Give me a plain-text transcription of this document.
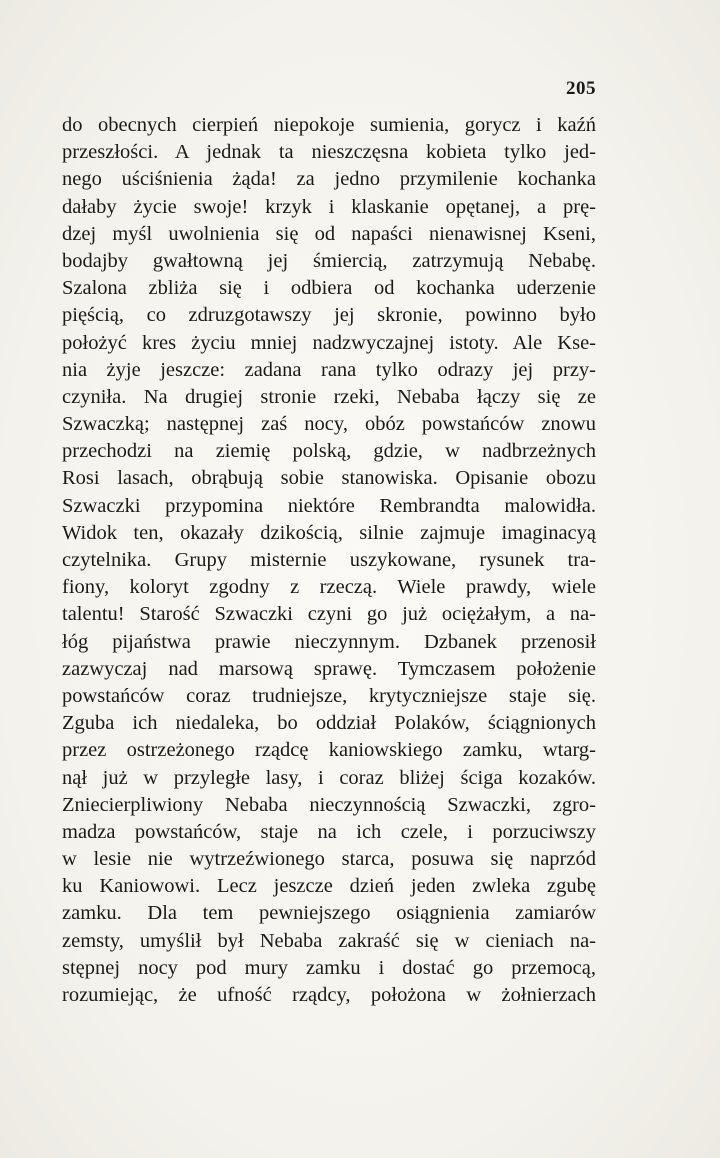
205
do obecnych cierpień niepokoje sumienia, gorycz i kaźń
przeszłości. A jednak ta nieszczęsna kobieta tylko jed-
nego uściśnienia żąda! za jedno przymilenie kochanka
dałaby życie swoje! krzyk i klaskanie opętanej, a prę-
dzej myśl uwolnienia się od napaści nienawisnej Kseni,
bodajby gwałtowną jej śmiercią, zatrzymują Nebabę.
Szalona zbliża się i odbiera od kochanka uderzenie
pięścią, co zdruzgotawszy jej skronie, powinno było
położyć kres życiu mniej nadzwyczajnej istoty. Ale Kse-
nia żyje jeszcze: zadana rana tylko odrazy jej przy-
czyniła. Na drugiej stronie rzeki, Nebaba łączy się ze
Szwaczką; następnej zaś nocy, obóz powstańców znowu
przechodzi na ziemię polską, gdzie, w nadbrzeżnych
Rosi lasach, obrąbują sobie stanowiska. Opisanie obozu
Szwaczki przypomina niektóre Rembrandta malowidła.
Widok ten, okazały dzikością, silnie zajmuje imaginacyą
czytelnika. Grupy misternie uszykowane, rysunek tra-
fiony, koloryt zgodny z rzeczą. Wiele prawdy, wiele
talentu! Starość Szwaczki czyni go już ociężałym, a na-
łóg pijaństwa prawie nieczynnym. Dzbanek przenosił
zazwyczaj nad marsową sprawę. Tymczasem położenie
powstańców coraz trudniejsze, krytyczniejsze staje się.
Zguba ich niedaleka, bo oddział Polaków, ściągnionych
przez ostrzeżonego rządcę kaniowskiego zamku, wtarg-
nął już w przyległe lasy, i coraz bliżej ściga kozaków.
Zniecierpliwiony Nebaba nieczynnością Szwaczki, zgro-
madza powstańców, staje na ich czele, i porzuciwszy
w lesie nie wytrzeźwionego starca, posuwa się naprzód
ku Kaniowowi. Lecz jeszcze dzień jeden zwleka zgubę
zamku. Dla tem pewniejszego osiągnienia zamiarów
zemsty, umyślił był Nebaba zakraść się w cieniach na-
stępnej nocy pod mury zamku i dostać go przemocą,
rozumiejąc, że ufność rządcy, położona w żołnierzach
